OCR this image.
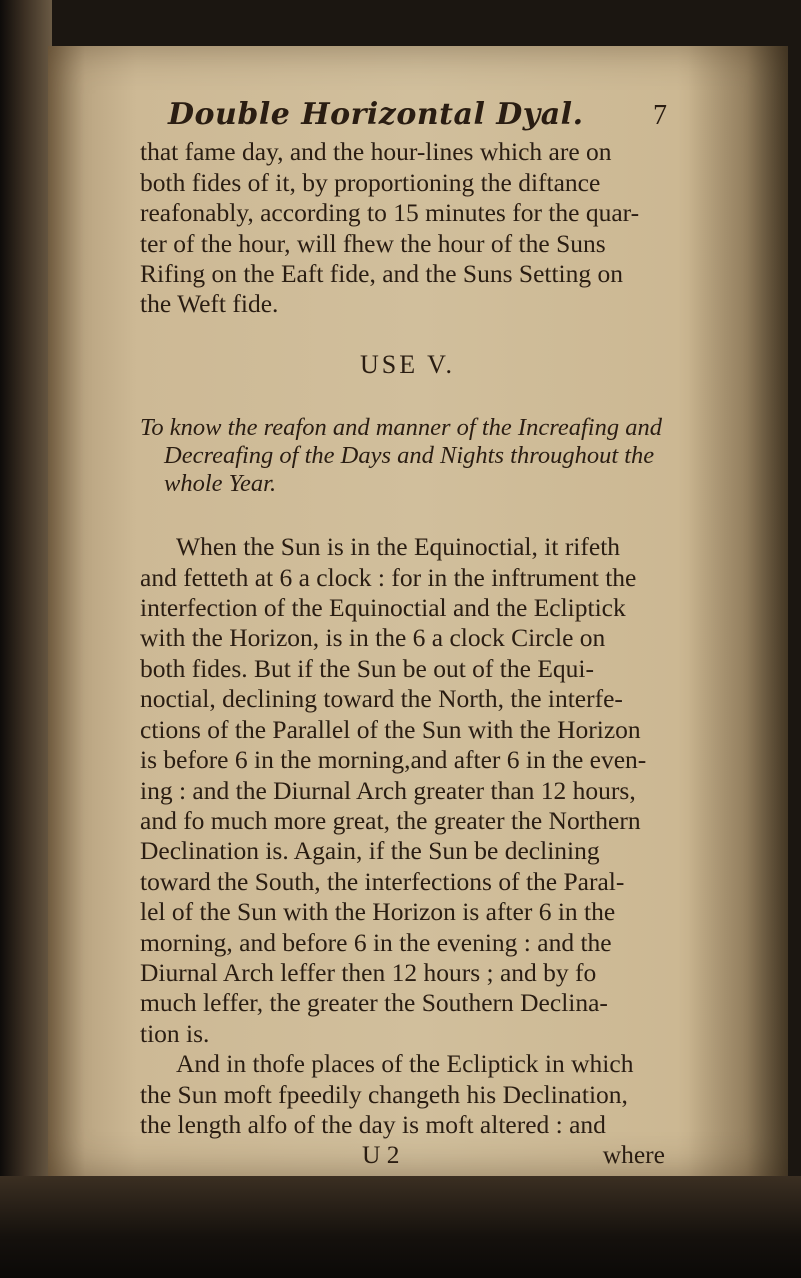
Double Horizontal Dyal. 7
that fame day, and the hour-lines which are on
both fides of it, by proportioning the diftance
reafonably, according to 15 minutes for the quar-
ter of the hour, will fhew the hour of the Suns
Rifing on the Eaft fide, and the Suns Setting on
the Weft fide.
USE V.
To know the reafon and manner of the Increafing and
Decreafing of the Days and Nights throughout the
whole Year.
When the Sun is in the Equinoctial, it rifeth
and fetteth at 6 a clock : for in the inftrument the
interfection of the Equinoctial and the Ecliptick
with the Horizon, is in the 6 a clock Circle on
both fides. But if the Sun be out of the Equi-
noctial, declining toward the North, the interfe-
ctions of the Parallel of the Sun with the Horizon
is before 6 in the morning,and after 6 in the even-
ing : and the Diurnal Arch greater than 12 hours,
and fo much more great, the greater the Northern
Declination is. Again, if the Sun be declining
toward the South, the interfections of the Paral-
lel of the Sun with the Horizon is after 6 in the
morning, and before 6 in the evening : and the
Diurnal Arch leffer then 12 hours ; and by fo
much leffer, the greater the Southern Declina-
tion is.
And in thofe places of the Ecliptick in which
the Sun moft fpeedily changeth his Declination,
the length alfo of the day is moft altered : and
U 2	where
